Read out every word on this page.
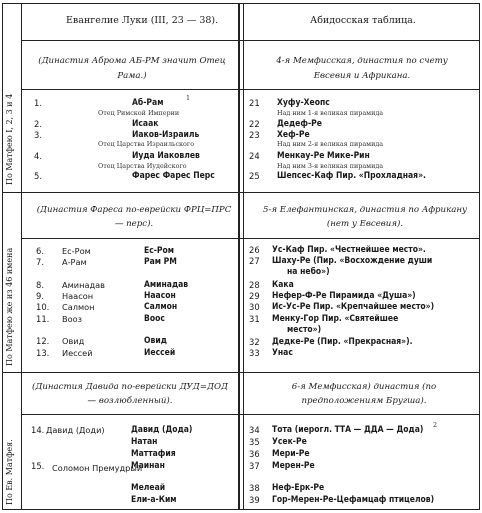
Евангелие Луки (III, 23 — 38).	Абидосская таблица.
По Матфею I, 2, 3 и 4
По Матфею же из 46 имена
По Ев. Матфея.
(Династия Аброма АБ-РМ значит Отец Рама.)
4-я Мемфисская, династия по счету Евсевия и Африкана.
1.	Аб-Рам	1
Отец Римской Империи
2.	Исаак
3.	Иаков-Израиль
Отец Царства Израильского
4.	Иуда Иаковлев
Отец Царства Иудейского
5.	Фарес Фарес Перс
21 Хуфу-Хеопс
Над ним 1-я великая пирамида
22 Дедеф-Ре
23 Хеф-Ре
Над ним 2-я великая пирамида
24 Менкау-Ре Мике-Рин
Над ним 3-я великая пирамида
25 Шепсес-Каф Пир. «Прохладная».
(Династия Фареса по-еврейски ФРЦ=ПРС — перс).
5-я Елефантинская, династия по Африкану (нет у Евсевия).
6. Ес-Ром	Ес-Ром
7. А-Рам	Рам РМ
8. Аминадав	Аминадав
9. Наасон	Наасон
10. Салмон	Салмон
11. Вооз	Воос
12. Овид	Овид
13. Иессей	Иессей
26 Ус-Каф Пир. «Честнейшее место».
27 Шаху-Ре (Пир. «Восхождение души
на небо»)
28 Кака
29 Нефер-Ф-Ре Пирамида «Душа»)
30 Ис-Ус-Ре Пир. «Крепчайшее место»)
31 Менку-Гор Пир. «Святейшее
место»)
32 Дедке-Ре (Пир. «Прекрасная»).
33 Унас
(Династия Давида по-еврейски ДУД=ДОД — возлюбленный).
6-я Мемфисская) династия (по предположениям Бругша).
14. Давид (Доди)	Давид (Дода)
Натан
Маттафия
15. Соломон Премудрый
Маинан
Мелеай
Ели-а-Ким
34 Тота (иерогл. ТТА — ДДА — Дода) 2
35 Усек-Ре
36 Мери-Ре
37 Мерен-Ре
38 Неф-Ерк-Ре
39 Гор-Мерен-Ре-Цефамцаф птицелов)
